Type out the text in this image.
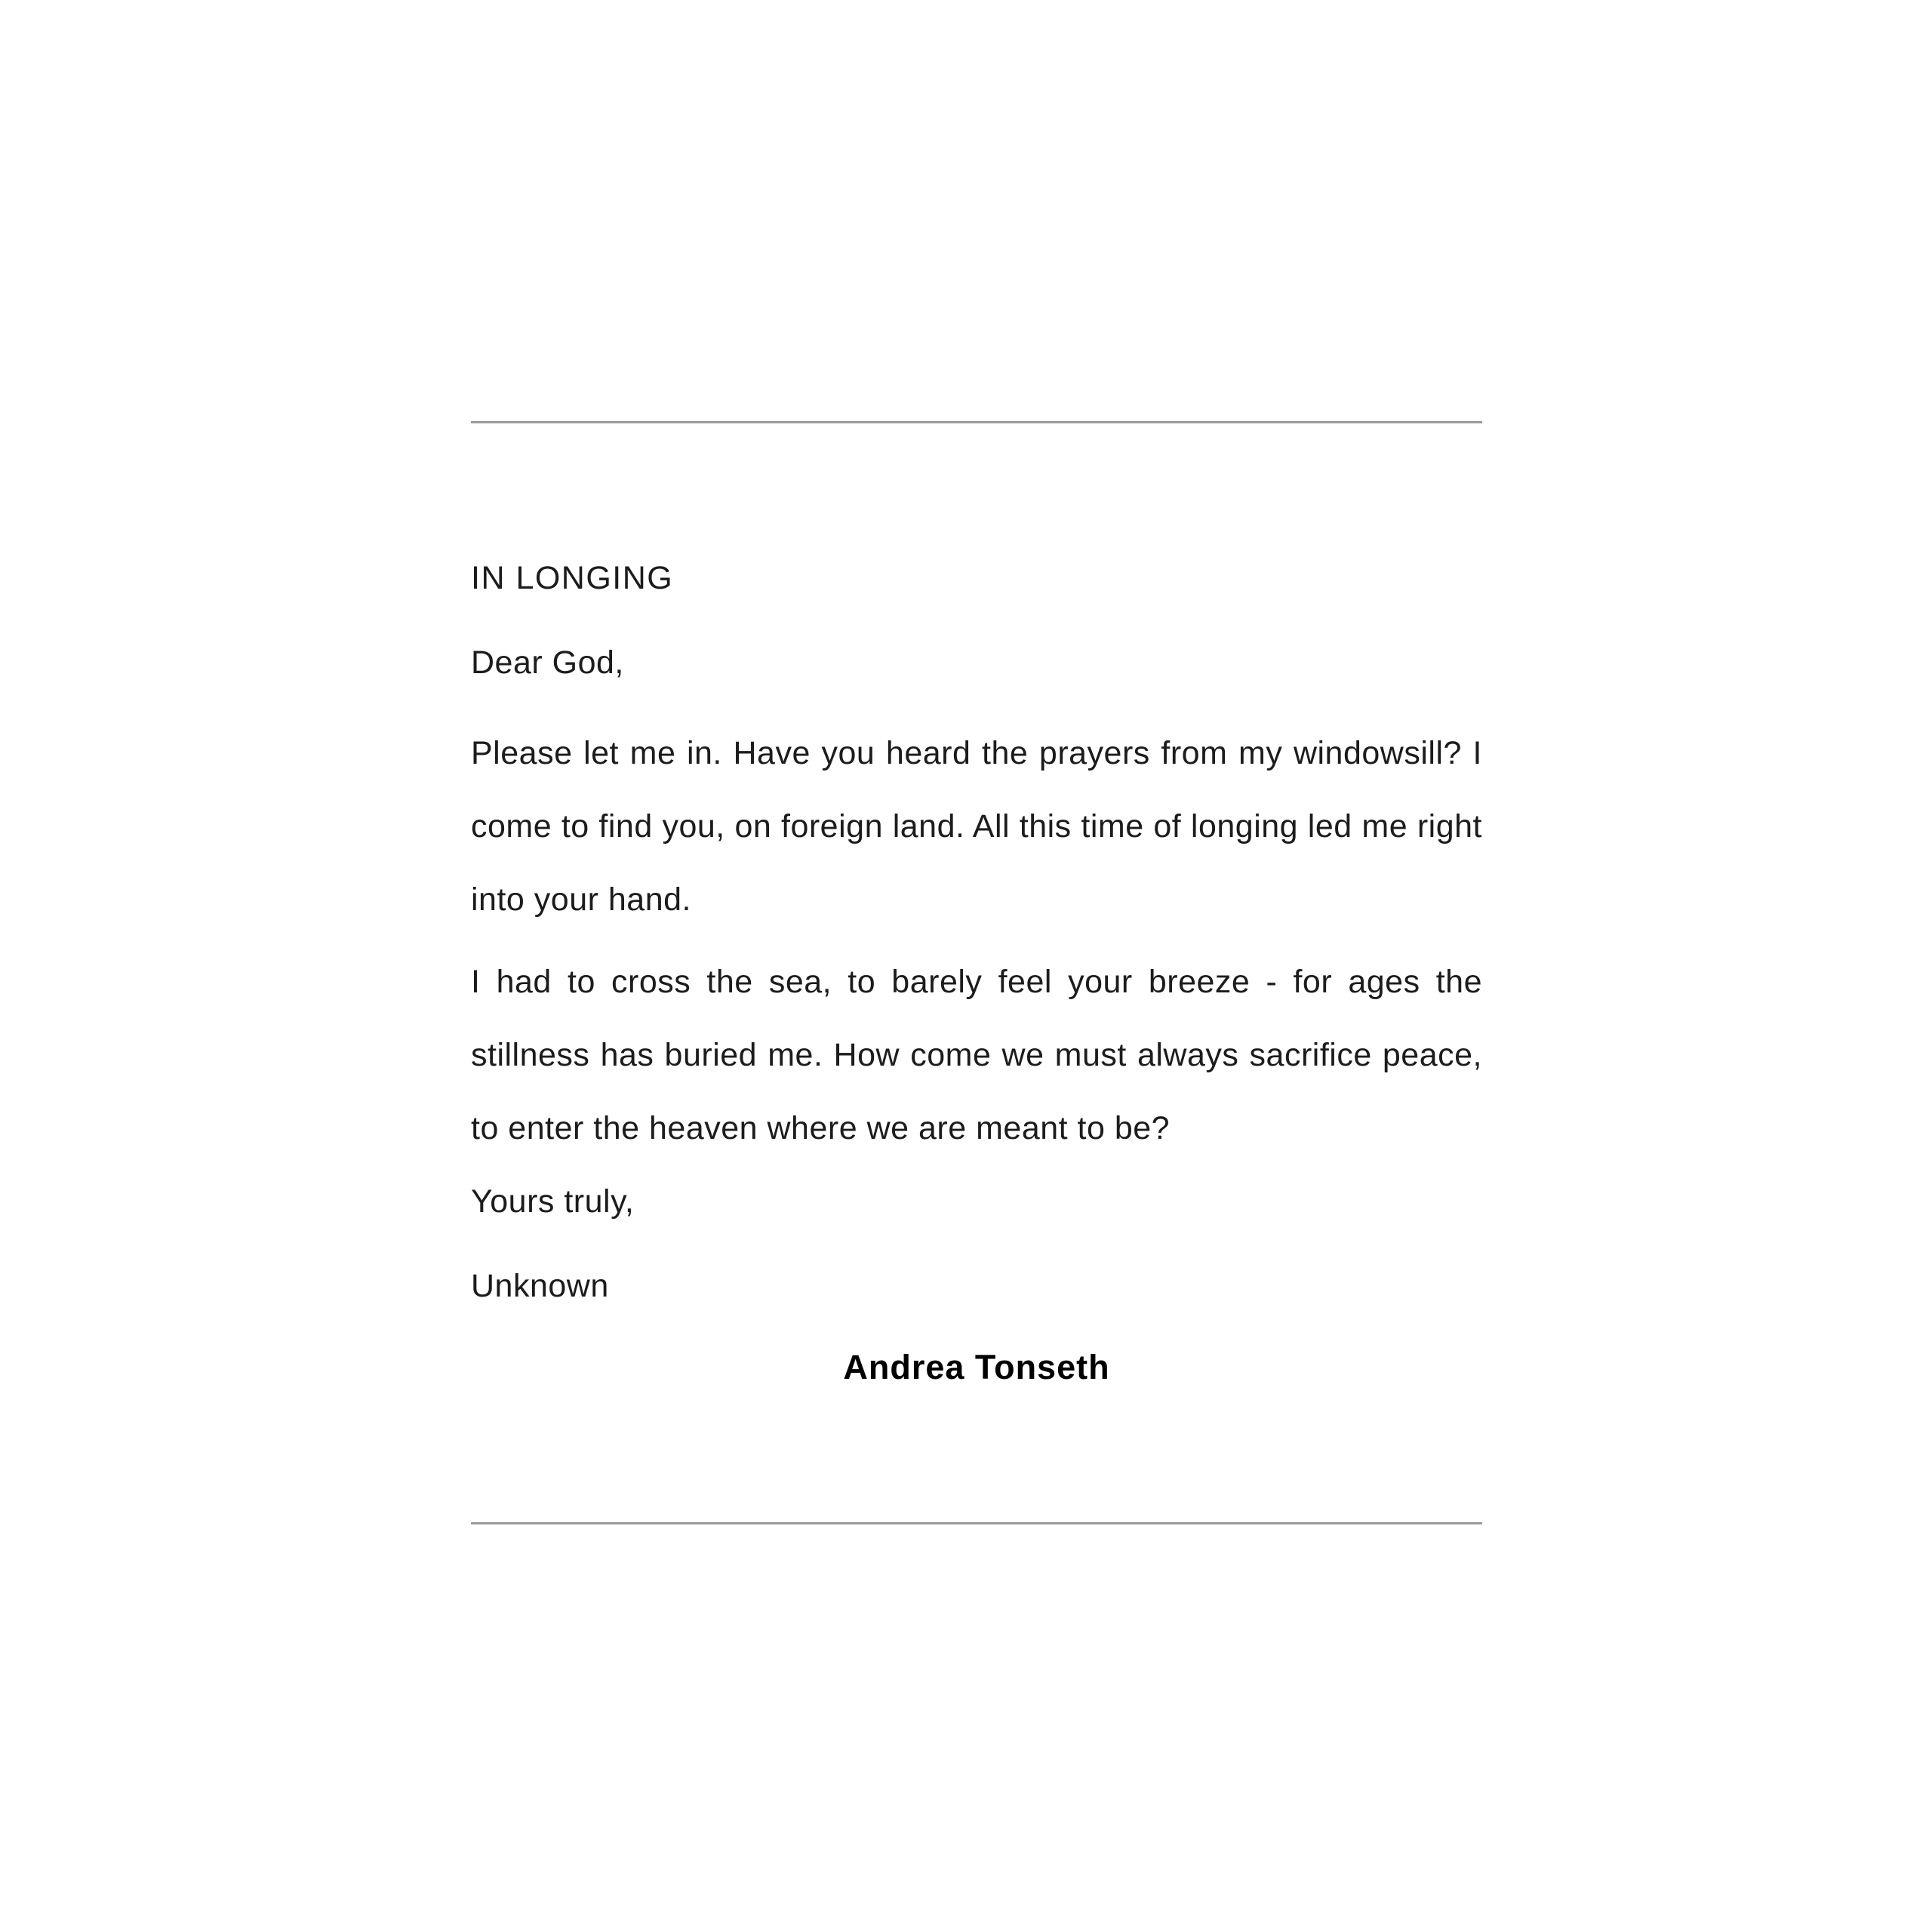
IN LONGING

Dear God,

Please let me in. Have you heard the prayers from my windowsill? I come to find you, on foreign land. All this time of longing led me right into your hand.

I had to cross the sea, to barely feel your breeze - for ages the stillness has buried me. How come we must always sacrifice peace, to enter the heaven where we are meant to be?

Yours truly,

Unknown

Andrea Tonseth
